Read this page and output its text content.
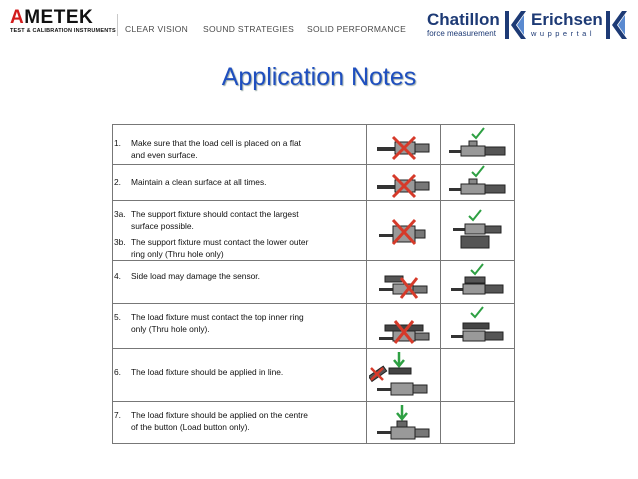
AMETEK
TEST & CALIBRATION INSTRUMENTS CLEAR VISION SOUND STRATEGIES SOLID PERFORMANCE Chatillon
force measurement
Erichsen
wuppertal
Application Notes
1. Make sure that the load cell is placed on a flat
and even surface.
2. Maintain a clean surface at all times.
3a. The support fixture should contact the largest
surface possible.
3b. The support fixture must contact the lower outer
ring only (Thru hole only)
4. Side load may damage the sensor.
5. The load fixture must contact the top inner ring
only (Thru hole only).
6. The load fixture should be applied in line.
7. The load fixture should be applied on the centre
of the button (Load button only).
